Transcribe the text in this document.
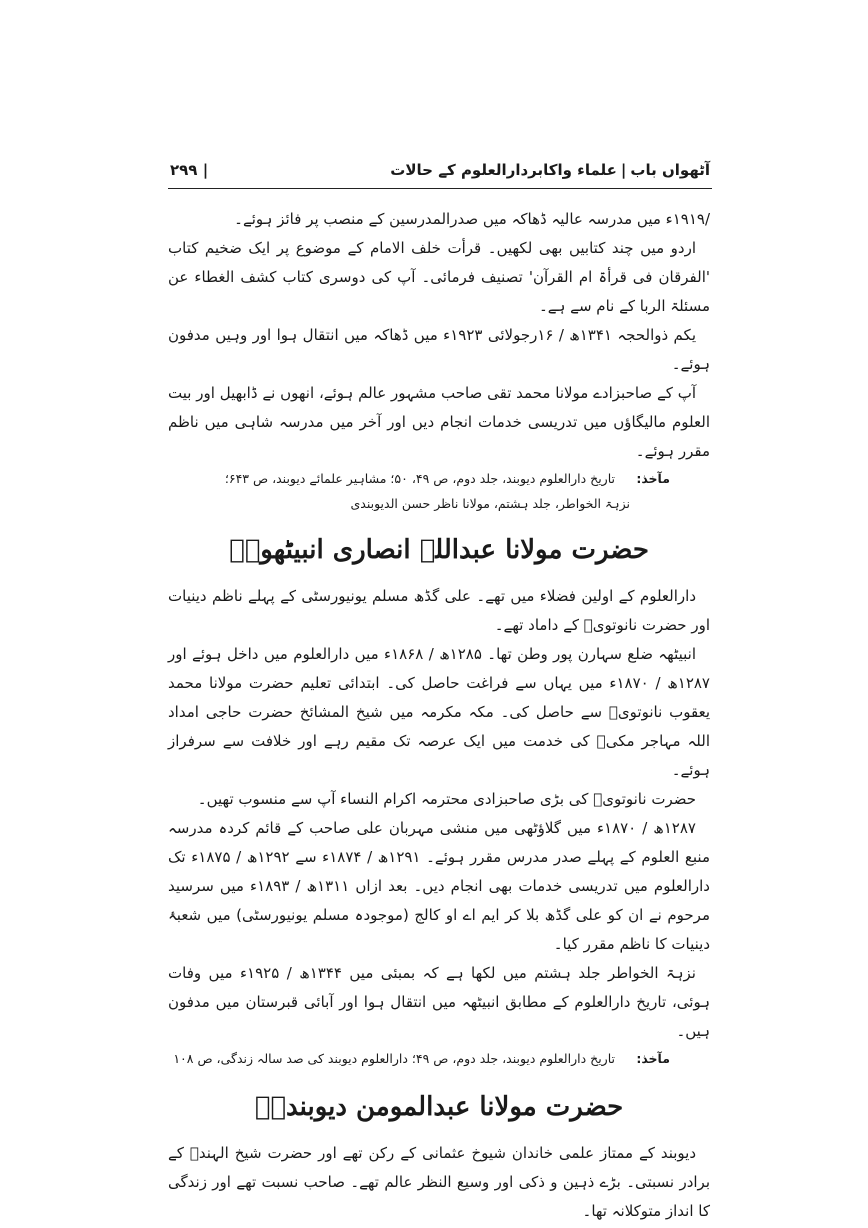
آٹھواں باب
|
علماء واکابردارالعلوم کے حالات
| ۲۹۹

/۱۹۱۹ء میں مدرسہ عالیہ ڈھاکہ میں صدرالمدرسین کے منصب پر فائز ہوئے۔

اردو میں چند کتابیں بھی لکھیں۔ قرأت خلف الامام کے موضوع پر ایک ضخیم کتاب 'الفرقان فی قرأۃ ام القرآن' تصنیف فرمائی۔ آپ کی دوسری کتاب کشف الغطاء عن مسئلۃ الربا کے نام سے ہے۔

یکم ذوالحجہ ۱۳۴۱ھ / ۱۶رجولائی ۱۹۲۳ء میں ڈھاکہ میں انتقال ہوا اور وہیں مدفون ہوئے۔

آپ کے صاحبزادے مولانا محمد تقی صاحب مشہور عالم ہوئے، انھوں نے ڈابھیل اور بیت العلوم مالیگاؤں میں تدریسی خدمات انجام دیں اور آخر میں مدرسہ شاہی میں ناظم مقرر ہوئے۔

مآخذ:
تاریخ دارالعلوم دیوبند، جلد دوم، ص ۴۹، ۵۰؛ مشاہیر علمائے دیوبند، ص ۶۴۳؛
نزہۃ الخواطر، جلد ہشتم، مولانا ناظر حسن الدیوبندی
حضرت مولانا عبداللہ انصاری انبیٹھویؒ

دارالعلوم کے اولین فضلاء میں تھے۔ علی گڈھ مسلم یونیورسٹی کے پہلے ناظم دینیات اور حضرت نانوتویؒ کے داماد تھے۔

انبیٹھہ ضلع سہارن پور وطن تھا۔ ۱۲۸۵ھ / ۱۸۶۸ء میں دارالعلوم میں داخل ہوئے اور ۱۲۸۷ھ / ۱۸۷۰ء میں یہاں سے فراغت حاصل کی۔ ابتدائی تعلیم حضرت مولانا محمد یعقوب نانوتویؒ سے حاصل کی۔ مکہ مکرمہ میں شیخ المشائخ حضرت حاجی امداد اللہ مہاجر مکیؒ کی خدمت میں ایک عرصہ تک مقیم رہے اور خلافت سے سرفراز ہوئے۔

حضرت نانوتویؒ کی بڑی صاحبزادی محترمہ اکرام النساء آپ سے منسوب تھیں۔

۱۲۸۷ھ / ۱۸۷۰ء میں گلاؤٹھی میں منشی مہربان علی صاحب کے قائم کردہ مدرسہ منبع العلوم کے پہلے صدر مدرس مقرر ہوئے۔ ۱۲۹۱ھ / ۱۸۷۴ء سے ۱۲۹۲ھ / ۱۸۷۵ء تک دارالعلوم میں تدریسی خدمات بھی انجام دیں۔ بعد ازاں ۱۳۱۱ھ / ۱۸۹۳ء میں سرسید مرحوم نے ان کو علی گڈھ بلا کر ایم اے او کالج (موجودہ مسلم یونیورسٹی) میں شعبۂ دینیات کا ناظم مقرر کیا۔

نزہۃ الخواطر جلد ہشتم میں لکھا ہے کہ بمبئی میں ۱۳۴۴ھ / ۱۹۲۵ء میں وفات ہوئی، تاریخ دارالعلوم کے مطابق انبیٹھہ میں انتقال ہوا اور آبائی قبرستان میں مدفون ہیں۔

مآخذ:
تاریخ دارالعلوم دیوبند، جلد دوم، ص ۴۹؛ دارالعلوم دیوبند کی صد سالہ زندگی، ص ۱۰۸
حضرت مولانا عبدالمومن دیوبندیؒ

دیوبند کے ممتاز علمی خاندان شیوخ عثمانی کے رکن تھے اور حضرت شیخ الہندؒ کے برادر نسبتی۔ بڑے ذہین و ذکی اور وسیع النظر عالم تھے۔ صاحب نسبت تھے اور زندگی کا انداز متوکلانہ تھا۔
